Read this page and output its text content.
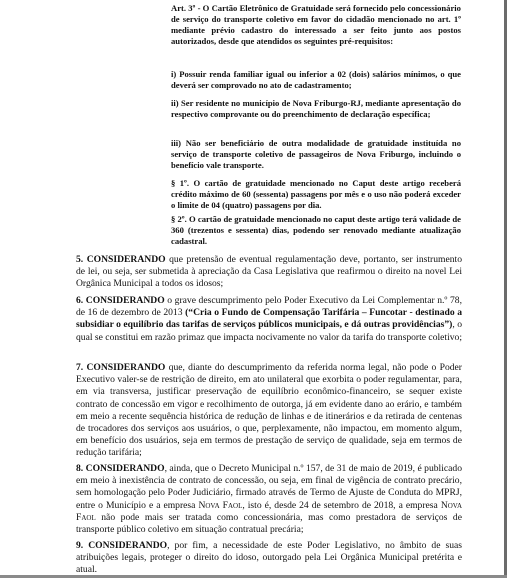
Art. 3º - O Cartão Eletrônico de Gratuidade será fornecido pelo concessionário de serviço do transporte coletivo em favor do cidadão mencionado no art. 1º mediante prévio cadastro do interessado a ser feito junto aos postos autorizados, desde que atendidos os seguintes pré-requisitos:

i) Possuir renda familiar igual ou inferior a 02 (dois) salários mínimos, o que deverá ser comprovado no ato de cadastramento;

ii) Ser residente no município de Nova Friburgo-RJ, mediante apresentação do respectivo comprovante ou do preenchimento de declaração específica;

iii) Não ser beneficiário de outra modalidade de gratuidade instituída no serviço de transporte coletivo de passageiros de Nova Friburgo, incluindo o benefício vale transporte.

§ 1º. O cartão de gratuidade mencionado no Caput deste artigo receberá crédito máximo de 60 (sessenta) passagens por mês e o uso não poderá exceder o limite de 04 (quatro) passagens por dia.

§ 2º. O cartão de gratuidade mencionado no caput deste artigo terá validade de 360 (trezentos e sessenta) dias, podendo ser renovado mediante atualização cadastral.

5. CONSIDERANDO que pretensão de eventual regulamentação deve, portanto, ser instrumento de lei, ou seja, ser submetida à apreciação da Casa Legislativa que reafirmou o direito na novel Lei Orgânica Municipal a todos os idosos;

6. CONSIDERANDO o grave descumprimento pelo Poder Executivo da Lei Complementar n.º 78, de 16 de dezembro de 2013 (“Cria o Fundo de Compensação Tarifária – Funcotar - destinado a subsidiar o equilíbrio das tarifas de serviços públicos municipais, e dá outras providências”), o qual se constitui em razão primaz que impacta nocivamente no valor da tarifa do transporte coletivo;

7. CONSIDERANDO que, diante do descumprimento da referida norma legal, não pode o Poder Executivo valer-se de restrição de direito, em ato unilateral que exorbita o poder regulamentar, para, em via transversa, justificar preservação de equilíbrio econômico-financeiro, se sequer existe contrato de concessão em vigor e recolhimento de outorga, já em evidente dano ao erário, e também em meio a recente sequência histórica de redução de linhas e de itinerários e da retirada de centenas de trocadores dos serviços aos usuários, o que, perplexamente, não impactou, em momento algum, em benefício dos usuários, seja em termos de prestação de serviço de qualidade, seja em termos de redução tarifária;

8. CONSIDERANDO, ainda, que o Decreto Municipal n.º 157, de 31 de maio de 2019, é publicado em meio à inexistência de contrato de concessão, ou seja, em final de vigência de contrato precário, sem homologação pelo Poder Judiciário, firmado através de Termo de Ajuste de Conduta do MPRJ, entre o Município e a empresa Nova Faol, isto é, desde 24 de setembro de 2018, a empresa Nova Faol não pode mais ser tratada como concessionária, mas como prestadora de serviços de transporte público coletivo em situação contratual precária;

9. CONSIDERANDO, por fim, a necessidade de este Poder Legislativo, no âmbito de suas atribuições legais, proteger o direito do idoso, outorgado pela Lei Orgânica Municipal pretérita e atual.
